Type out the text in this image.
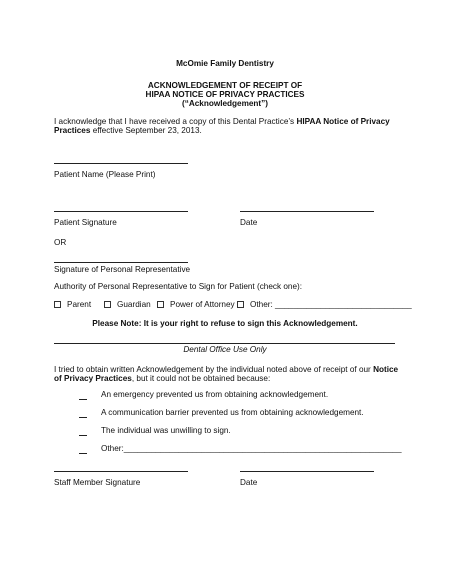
McOmie Family Dentistry
ACKNOWLEDGEMENT OF RECEIPT OF
HIPAA NOTICE OF PRIVACY PRACTICES
(“Acknowledgement”)
I acknowledge that I have received a copy of this Dental Practice’s HIPAA Notice of Privacy
Practices effective September 23, 2013.
Patient Name (Please Print)
Patient Signature	Date
OR
Signature of Personal Representative
Authority of Personal Representative to Sign for Patient (check one):
Parent	Guardian	Power of Attorney	Other: ______________________________
Please Note: It is your right to refuse to sign this Acknowledgement.
Dental Office Use Only
I tried to obtain written Acknowledgement by the individual noted above of receipt of our Notice
of Privacy Practices, but it could not be obtained because:
An emergency prevented us from obtaining acknowledgement.
A communication barrier prevented us from obtaining acknowledgement.
The individual was unwilling to sign.
Other:_____________________________________________________________
Staff Member Signature	Date
